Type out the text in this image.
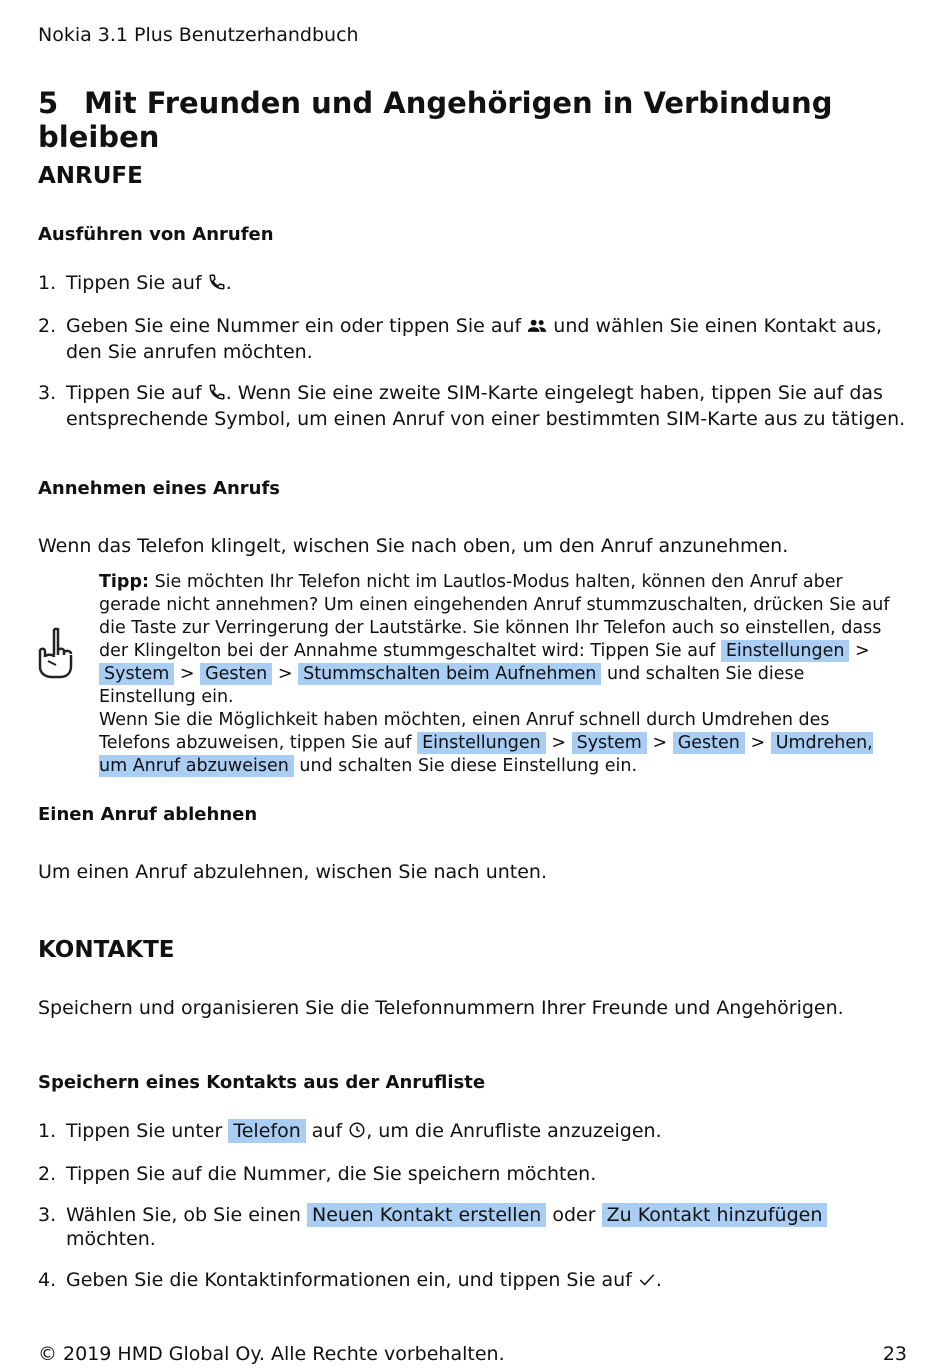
Nokia 3.1 Plus Benutzerhandbuch
5 Mit Freunden und Angehörigen in Verbindung bleiben
ANRUFE
Ausführen von Anrufen
1. Tippen Sie auf .
2. Geben Sie eine Nummer ein oder tippen Sie auf und wählen Sie einen Kontakt aus, den Sie anrufen möchten.
3. Tippen Sie auf . Wenn Sie eine zweite SIM-Karte eingelegt haben, tippen Sie auf das entsprechende Symbol, um einen Anruf von einer bestimmten SIM-Karte aus zu tätigen.
Annehmen eines Anrufs
Wenn das Telefon klingelt, wischen Sie nach oben, um den Anruf anzunehmen.
Tipp: Sie möchten Ihr Telefon nicht im Lautlos-Modus halten, können den Anruf aber gerade nicht annehmen? Um einen eingehenden Anruf stummzuschalten, drücken Sie auf die Taste zur Verringerung der Lautstärke. Sie können Ihr Telefon auch so einstellen, dass der Klingelton bei der Annahme stummgeschaltet wird: Tippen Sie auf Einstellungen > System > Gesten > Stummschalten beim Aufnehmen und schalten Sie diese Einstellung ein.
Wenn Sie die Möglichkeit haben möchten, einen Anruf schnell durch Umdrehen des Telefons abzuweisen, tippen Sie auf Einstellungen > System > Gesten > Umdrehen, um Anruf abzuweisen und schalten Sie diese Einstellung ein.
Einen Anruf ablehnen
Um einen Anruf abzulehnen, wischen Sie nach unten.
KONTAKTE
Speichern und organisieren Sie die Telefonnummern Ihrer Freunde und Angehörigen.
Speichern eines Kontakts aus der Anrufliste
1. Tippen Sie unter Telefon auf , um die Anrufliste anzuzeigen.
2. Tippen Sie auf die Nummer, die Sie speichern möchten.
3. Wählen Sie, ob Sie einen Neuen Kontakt erstellen oder Zu Kontakt hinzufügen möchten.
4. Geben Sie die Kontaktinformationen ein, und tippen Sie auf .
© 2019 HMD Global Oy. Alle Rechte vorbehalten.	23
